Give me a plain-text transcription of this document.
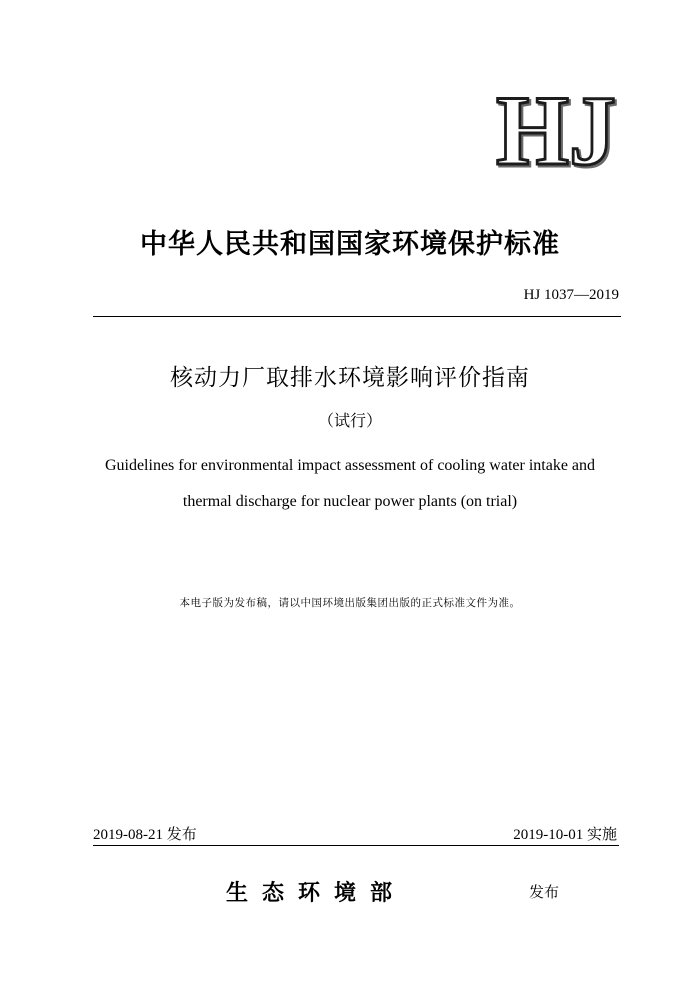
HJ
中华人民共和国国家环境保护标准
HJ 1037—2019
核动力厂取排水环境影响评价指南
（试行）
Guidelines for environmental impact assessment of cooling water intake and
thermal discharge for nuclear power plants (on trial)
本电子版为发布稿，请以中国环境出版集团出版的正式标准文件为准。
2019-08-21 发布	2019-10-01 实施
生态环境部	发布
